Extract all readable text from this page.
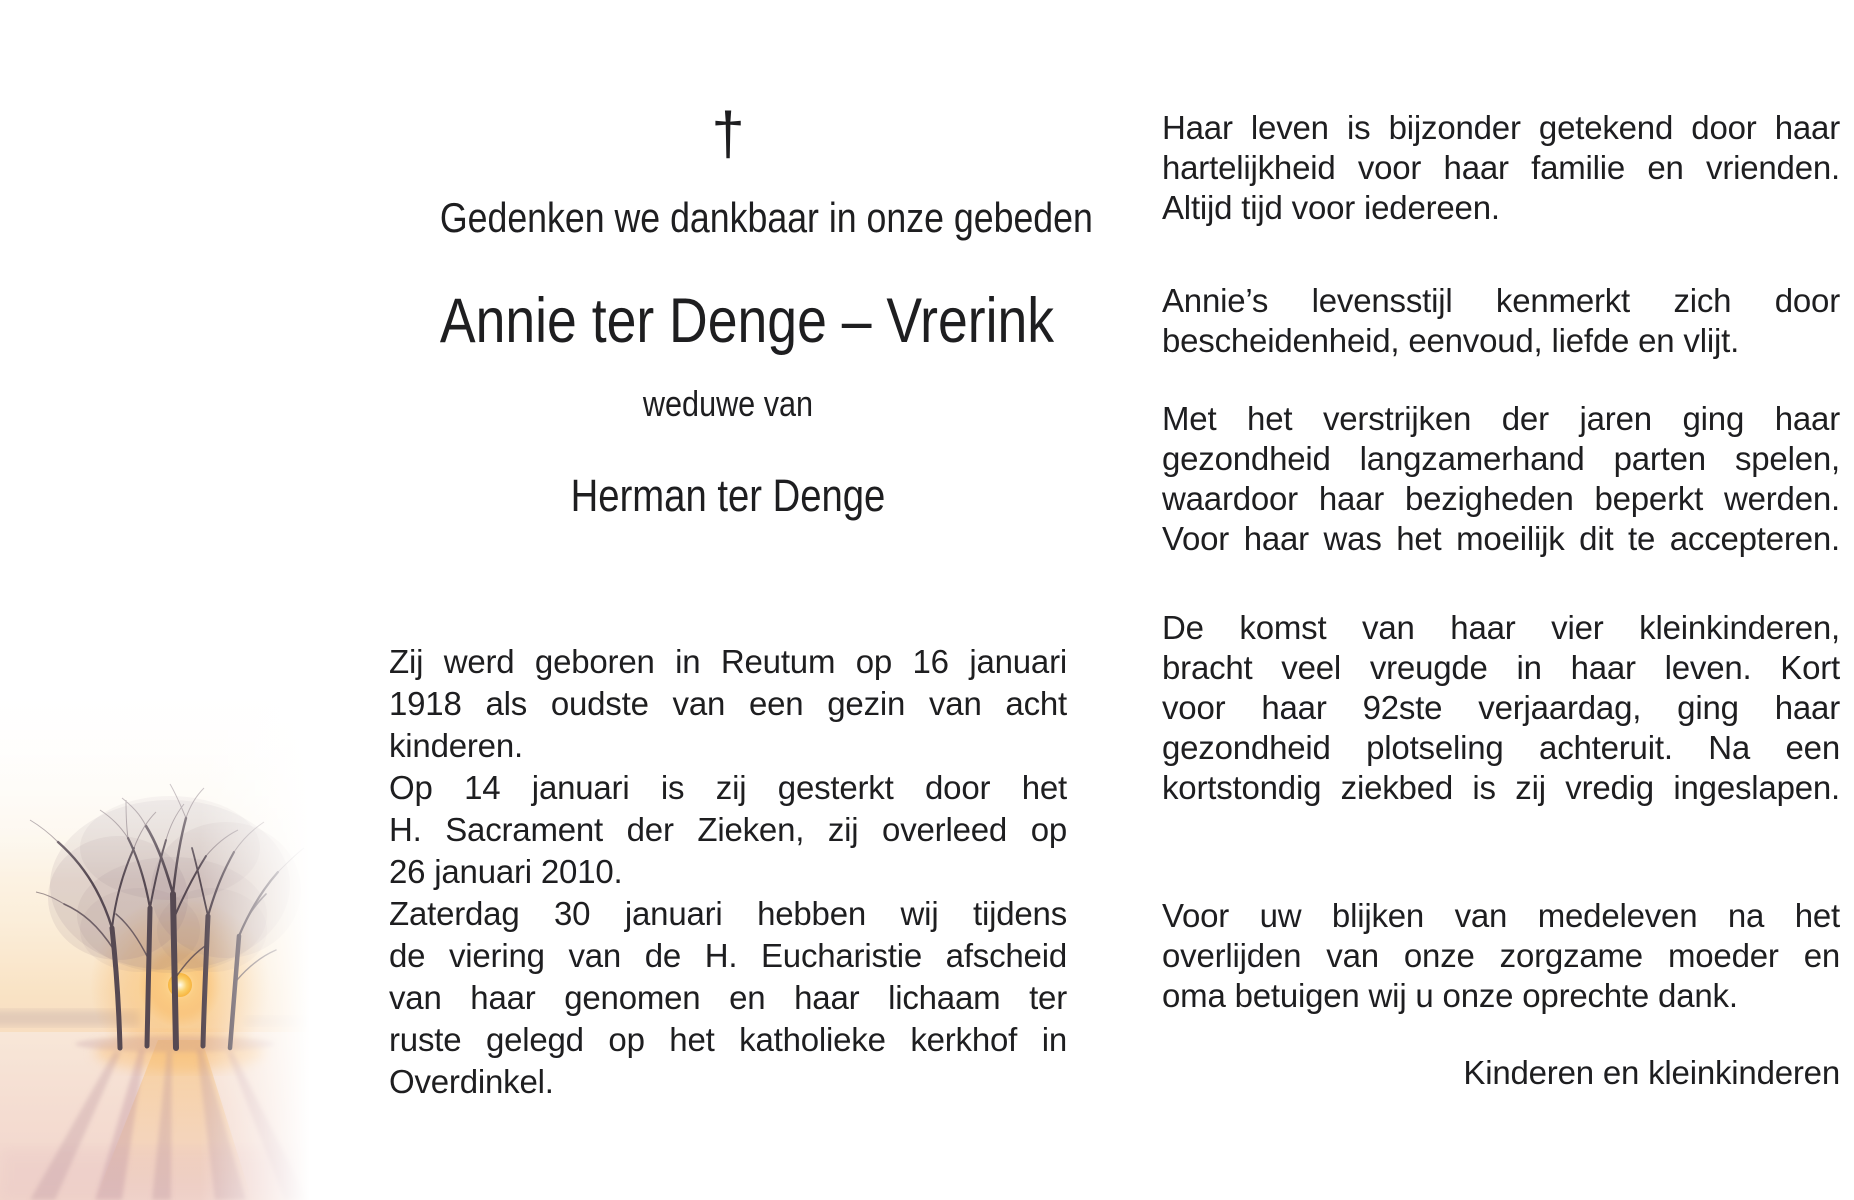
†
Gedenken we dankbaar in onze gebeden
Annie ter Denge – Vrerink
weduwe van
Herman ter Denge

Zij werd geboren in Reutum op 16 januari
1918 als oudste van een gezin van acht
kinderen.

Op 14 januari is zij gesterkt door het
H. Sacrament der Zieken, zij overleed op
26 januari 2010.

Zaterdag 30 januari hebben wij tijdens
de viering van de H. Eucharistie afscheid
van haar genomen en haar lichaam ter
ruste gelegd op het katholieke kerkhof in
Overdinkel.

Haar leven is bijzonder getekend door haar
hartelijkheid voor haar familie en vrienden.
Altijd tijd voor iedereen.

Annie’s levensstijl kenmerkt zich door
bescheidenheid, eenvoud, liefde en vlijt.

Met het verstrijken der jaren ging haar
gezondheid langzamerhand parten spelen,
waardoor haar bezigheden beperkt werden.
Voor haar was het moeilijk dit te accepteren.

De komst van haar vier kleinkinderen,
bracht veel vreugde in haar leven. Kort
voor haar 92ste verjaardag, ging haar
gezondheid plotseling achteruit. Na een
kortstondig ziekbed is zij vredig ingeslapen.

Voor uw blijken van medeleven na het
overlijden van onze zorgzame moeder en
oma betuigen wij u onze oprechte dank.

Kinderen en kleinkinderen
